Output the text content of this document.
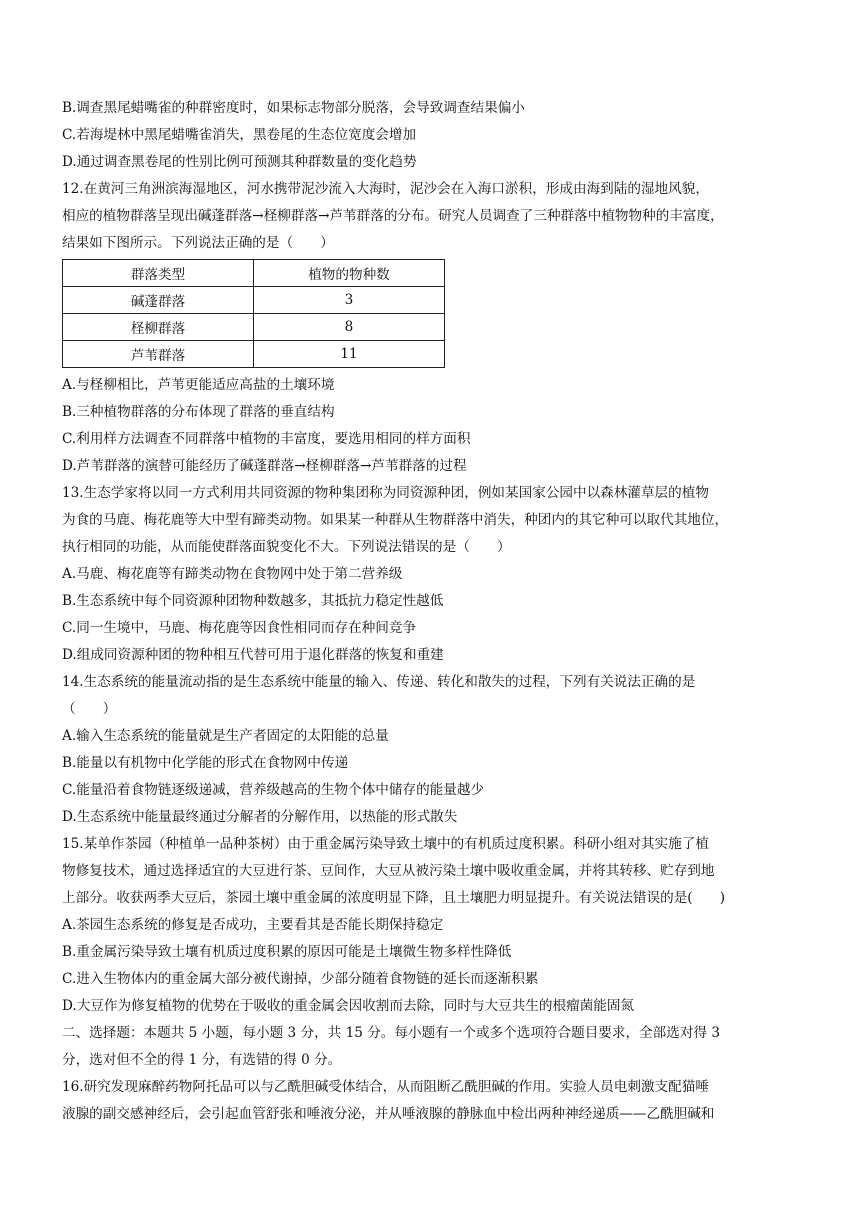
B.调查黑尾蜡嘴雀的种群密度时，如果标志物部分脱落，会导致调查结果偏小
C.若海堤林中黑尾蜡嘴雀消失，黑卷尾的生态位宽度会增加
D.通过调查黑卷尾的性别比例可预测其种群数量的变化趋势
12.在黄河三角洲滨海湿地区，河水携带泥沙流入大海时，泥沙会在入海口淤积，形成由海到陆的湿地风貌，
相应的植物群落呈现出碱蓬群落→柽柳群落→芦苇群落的分布。研究人员调查了三种群落中植物物种的丰富度，
结果如下图所示。下列说法正确的是（　　）
群落类型	植物的物种数
碱蓬群落	3
柽柳群落	8
芦苇群落	11
A.与柽柳相比，芦苇更能适应高盐的土壤环境
B.三种植物群落的分布体现了群落的垂直结构
C.利用样方法调查不同群落中植物的丰富度，要选用相同的样方面积
D.芦苇群落的演替可能经历了碱蓬群落→柽柳群落→芦苇群落的过程
13.生态学家将以同一方式利用共同资源的物种集团称为同资源种团，例如某国家公园中以森林灌草层的植物
为食的马鹿、梅花鹿等大中型有蹄类动物。如果某一种群从生物群落中消失，种团内的其它种可以取代其地位，
执行相同的功能，从而能使群落面貌变化不大。下列说法错误的是（　　）
A.马鹿、梅花鹿等有蹄类动物在食物网中处于第二营养级
B.生态系统中每个同资源种团物种数越多，其抵抗力稳定性越低
C.同一生境中，马鹿、梅花鹿等因食性相同而存在种间竞争
D.组成同资源种团的物种相互代替可用于退化群落的恢复和重建
14.生态系统的能量流动指的是生态系统中能量的输入、传递、转化和散失的过程，下列有关说法正确的是
（　　）
A.输入生态系统的能量就是生产者固定的太阳能的总量
B.能量以有机物中化学能的形式在食物网中传递
C.能量沿着食物链逐级递减，营养级越高的生物个体中储存的能量越少
D.生态系统中能量最终通过分解者的分解作用，以热能的形式散失
15.某单作茶园（种植单一品种茶树）由于重金属污染导致土壤中的有机质过度积累。科研小组对其实施了植
物修复技术，通过选择适宜的大豆进行茶、豆间作，大豆从被污染土壤中吸收重金属，并将其转移、贮存到地
上部分。收获两季大豆后，茶园土壤中重金属的浓度明显下降，且土壤肥力明显提升。有关说法错误的是(　　)
A.茶园生态系统的修复是否成功，主要看其是否能长期保持稳定
B.重金属污染导致土壤有机质过度积累的原因可能是土壤微生物多样性降低
C.进入生物体内的重金属大部分被代谢掉，少部分随着食物链的延长而逐渐积累
D.大豆作为修复植物的优势在于吸收的重金属会因收割而去除，同时与大豆共生的根瘤菌能固氮
二、选择题：本题共 5 小题，每小题 3 分，共 15 分。每小题有一个或多个选项符合题目要求，全部选对得 3
分，选对但不全的得 1 分，有选错的得 0 分。
16.研究发现麻醉药物阿托品可以与乙酰胆碱受体结合，从而阻断乙酰胆碱的作用。实验人员电刺激支配猫唾
液腺的副交感神经后，会引起血管舒张和唾液分泌，并从唾液腺的静脉血中检出两种神经递质——乙酰胆碱和
